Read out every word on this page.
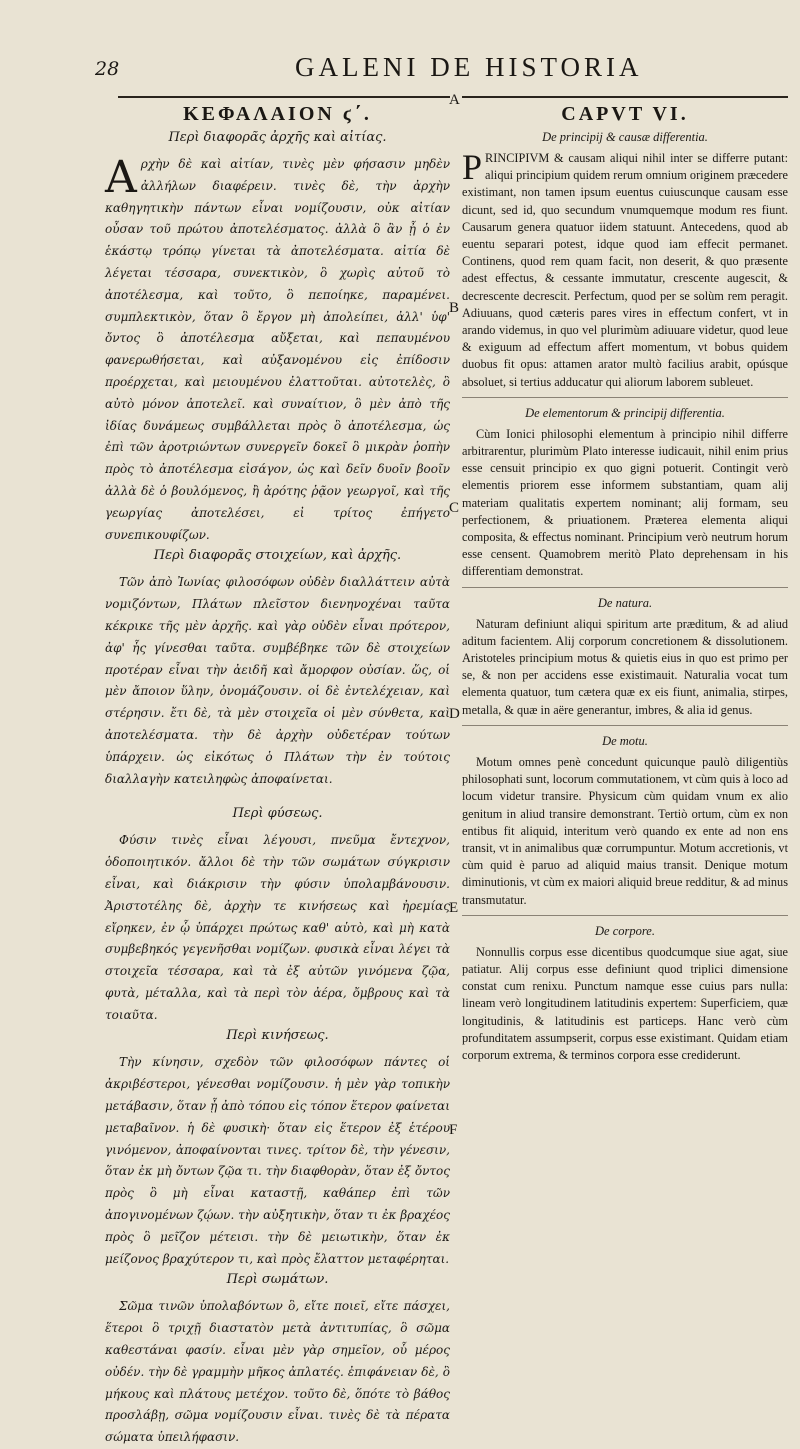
28	GALENI DE HISTORIA
A
B
C
D
E
F
ΚΕΦΑΛΑΙΟΝ ϛ΄.
Περὶ διαφορᾶς ἀρχῆς καὶ αἰτίας.

Αρχὴν δὲ καὶ αἰτίαν, τινὲς μὲν φήσασιν μηδὲν ἀλλήλων διαφέρειν. τινὲς δὲ, τὴν ἀρχὴν καθηγητικὴν πάντων εἶναι νομίζουσιν, οὐκ αἰτίαν οὖσαν τοῦ πρώτου ἀποτελέσματος. ἀλλὰ ὃ ἂν ᾖ ὁ ἐν ἑκάστῳ τρόπῳ γίνεται τὰ ἀποτελέσματα. αἰτία δὲ λέγεται τέσσαρα, συνεκτικὸν, ὃ χωρὶς αὐτοῦ τὸ ἀποτέλεσμα, καὶ τοῦτο, ὃ πεποίηκε, παραμένει. συμπλεκτικὸν, ὅταν ὃ ἔργον μὴ ἀπολείπει, ἀλλ' ὑφ' ὄντος ὃ ἀποτέλεσμα αὔξεται, καὶ πεπαυμένου φανερωθήσεται, καὶ αὐξανομένου εἰς ἐπίδοσιν προέρχεται, καὶ μειουμένου ἐλαττοῦται. αὐτοτελὲς, ὃ αὐτὸ μόνον ἀποτελεῖ. καὶ συναίτιον, ὃ μὲν ἀπὸ τῆς ἰδίας δυνάμεως συμβάλλεται πρὸς ὃ ἀποτέλεσμα, ὡς ἐπὶ τῶν ἀροτριώντων συνεργεῖν δοκεῖ ὃ μικρὰν ῥοπὴν πρὸς τὸ ἀποτέλεσμα εἰσάγον, ὡς καὶ δεῖν δυοῖν βοοῖν ἀλλὰ δὲ ὁ βουλόμενος, ἢ ἀρότης ῥᾷον γεωργοῖ, καὶ τῆς γεωργίας ἀποτελέσει, εἰ τρίτος ἐπήγετο συνεπικουφίζων.

Περὶ διαφορᾶς στοιχείων, καὶ ἀρχῆς.

Τῶν ἀπὸ Ἰωνίας φιλοσόφων οὐδὲν διαλλάττειν αὐτὰ νομιζόντων, Πλάτων πλεῖστον διενηνοχέναι ταῦτα κέκρικε τῆς μὲν ἀρχῆς. καὶ γὰρ οὐδὲν εἶναι πρότερον, ἀφ' ἧς γίνεσθαι ταῦτα. συμβέβηκε τῶν δὲ στοιχείων προτέραν εἶναι τὴν ἀειδῆ καὶ ἄμορφον οὐσίαν. ὥς, οἱ μὲν ἄποιον ὕλην, ὀνομάζουσιν. οἱ δὲ ἐντελέχειαν, καὶ στέρησιν. ἔτι δὲ, τὰ μὲν στοιχεῖα οἱ μὲν σύνθετα, καὶ ἀποτελέσματα. τὴν δὲ ἀρχὴν οὐδετέραν τούτων ὑπάρχειν. ὡς εἰκότως ὁ Πλάτων τὴν ἐν τούτοις διαλλαγὴν κατειληφὼς ἀποφαίνεται.

Περὶ φύσεως.

Φύσιν τινὲς εἶναι λέγουσι, πνεῦμα ἔντεχνον, ὁδοποιητικόν. ἄλλοι δὲ τὴν τῶν σωμάτων σύγκρισιν εἶναι, καὶ διάκρισιν τὴν φύσιν ὑπολαμβάνουσιν. Ἀριστοτέλης δὲ, ἀρχὴν τε κινήσεως καὶ ἠρεμίας εἴρηκεν, ἐν ᾧ ὑπάρχει πρώτως καθ' αὑτὸ, καὶ μὴ κατὰ συμβεβηκός γεγενῆσθαι νομίζων. φυσικὰ εἶναι λέγει τὰ στοιχεῖα τέσσαρα, καὶ τὰ ἐξ αὐτῶν γινόμενα ζῷα, φυτὰ, μέταλλα, καὶ τὰ περὶ τὸν ἀέρα, ὄμβρους καὶ τὰ τοιαῦτα.

Περὶ κινήσεως.

Τὴν κίνησιν, σχεδὸν τῶν φιλοσόφων πάντες οἱ ἀκριβέστεροι, γένεσθαι νομίζουσιν. ἡ μὲν γὰρ τοπικὴν μετάβασιν, ὅταν ᾖ ἀπὸ τόπου εἰς τόπον ἕτερον φαίνεται μεταβαῖνον. ἡ δὲ φυσικὴ· ὅταν εἰς ἕτερον ἐξ ἑτέρου γινόμενον, ἀποφαίνονται τινες. τρίτον δὲ, τὴν γένεσιν, ὅταν ἐκ μὴ ὄντων ζῷα τι. τὴν διαφθορὰν, ὅταν ἐξ ὄντος πρὸς ὃ μὴ εἶναι καταστῇ, καθάπερ ἐπὶ τῶν ἀπογινομένων ζῴων. τὴν αὐξητικὴν, ὅταν τι ἐκ βραχέος πρὸς ὃ μεῖζον μέτεισι. τὴν δὲ μειωτικὴν, ὅταν ἐκ μείζονος βραχύτερον τι, καὶ πρὸς ἔλαττον μεταφέρηται.

Περὶ σωμάτων.

Σῶμα τινῶν ὑπολαβόντων ὃ, εἴτε ποιεῖ, εἴτε πάσχει, ἕτεροι ὃ τριχῇ διαστατὸν μετὰ ἀντιτυπίας, ὃ σῶμα καθεστάναι φασίν. εἶναι μὲν γὰρ σημεῖον, οὗ μέρος οὐδέν. τὴν δὲ γραμμὴν μῆκος ἀπλατές. ἐπιφάνειαν δὲ, ὃ μήκους καὶ πλάτους μετέχον. τοῦτο δὲ, ὅπότε τὸ βάθος προσλάβῃ, σῶμα νομίζουσιν εἶναι. τινὲς δὲ τὰ πέρατα σώματα ὑπειλήφασιν.

CAPVT VI.
De principij & causæ differentia.

PRINCIPIVM & causam aliqui nihil inter se differre putant: aliqui principium quidem rerum omnium originem præcedere existimant, non tamen ipsum euentus cuiuscunque causam esse dicunt, sed id, quo secundum vnumquemque modum res fiunt. Causarum genera quatuor iidem statuunt. Antecedens, quod ab euentu separari potest, idque quod iam effecit permanet. Continens, quod rem quam facit, non deserit, & quo præsente adest effectus, & cessante immutatur, crescente augescit, & decrescente decrescit. Perfectum, quod per se solùm rem peragit. Adiuuans, quod cæteris pares vires in effectum confert, vt in arando videmus, in quo vel plurimùm adiuuare videtur, quod leue & exiguum ad effectum affert momentum, vt bobus quidem duobus fit opus: attamen arator multò facilius arabit, opúsque absoluet, si tertius adducatur qui aliorum laborem subleuet.

De elementorum & principij differentia.

Cùm Ionici philosophi elementum à principio nihil differre arbitrarentur, plurimùm Plato interesse iudicauit, nihil enim prius esse censuit principio ex quo gigni potuerit. Contingit verò elementis priorem esse informem substantiam, quam alij materiam qualitatis expertem nominant; alij formam, seu perfectionem, & priuationem. Præterea elementa aliqui composita, & effectus nominant. Principium verò neutrum horum esse censent. Quamobrem meritò Plato deprehensam in his differentiam demonstrat.

De natura.

Naturam definiunt aliqui spiritum arte præditum, & ad aliud aditum facientem. Alij corporum concretionem & dissolutionem. Aristoteles principium motus & quietis eius in quo est primo per se, & non per accidens esse existimauit. Naturalia vocat tum elementa quatuor, tum cætera quæ ex eis fiunt, animalia, stirpes, metalla, & quæ in aëre generantur, imbres, & alia id genus.

De motu.

Motum omnes penè concedunt quicunque paulò diligentiùs philosophati sunt, locorum commutationem, vt cùm quis à loco ad locum videtur transire. Physicum cùm quidam vnum ex alio genitum in aliud transire demonstrant. Tertiò ortum, cùm ex non entibus fit aliquid, interitum verò quando ex ente ad non ens transit, vt in animalibus quæ corrumpuntur. Motum accretionis, vt cùm quid è paruo ad aliquid maius transit. Denique motum diminutionis, vt cùm ex maiori aliquid breue redditur, & ad minus transmutatur.

De corpore.

Nonnullis corpus esse dicentibus quodcumque siue agat, siue patiatur. Alij corpus esse definiunt quod triplici dimensione constat cum renixu. Punctum namque esse cuius pars nulla: lineam verò longitudinem latitudinis expertem: Superficiem, quæ longitudinis, & latitudinis est particeps. Hanc verò cùm profunditatem assumpserit, corpus esse existimant. Quidam etiam corporum extrema, & terminos corpora esse crediderunt.
